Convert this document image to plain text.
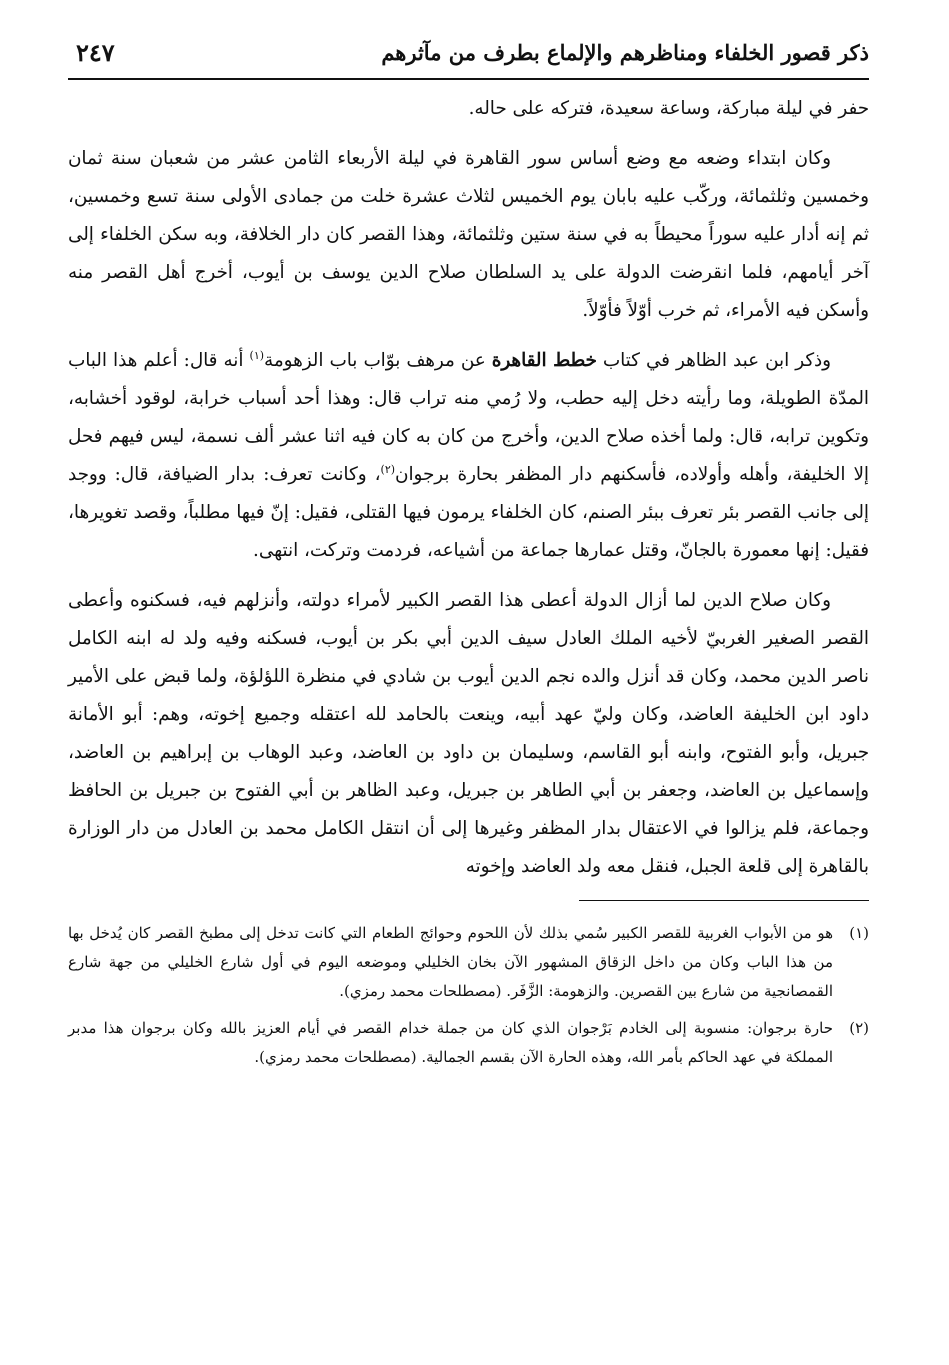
ذكر قصور الخلفاء ومناظرهم والإلماع بطرف من مآثرهم
٢٤٧

حفر في ليلة مباركة، وساعة سعيدة، فتركه على حاله.

وكان ابتداء وضعه مع وضع أساس سور القاهرة في ليلة الأربعاء الثامن عشر من شعبان سنة ثمان وخمسين وثلثمائة، وركّب عليه بابان يوم الخميس لثلاث عشرة خلت من جمادى الأولى سنة تسع وخمسين، ثم إنه أدار عليه سوراً محيطاً به في سنة ستين وثلثمائة، وهذا القصر كان دار الخلافة، وبه سكن الخلفاء إلى آخر أيامهم، فلما انقرضت الدولة على يد السلطان صلاح الدين يوسف بن أيوب، أخرج أهل القصر منه وأسكن فيه الأمراء، ثم خرب أوّلاً فأوّلاً.

وذكر ابن عبد الظاهر في كتاب خطط القاهرة عن مرهف بوّاب باب الزهومة$^{(١)}$ أنه قال: أعلم هذا الباب المدّة الطويلة، وما رأيته دخل إليه حطب، ولا رُمي منه تراب قال: وهذا أحد أسباب خرابة، لوقود أخشابه، وتكوين ترابه، قال: ولما أخذه صلاح الدين، وأخرج من كان به كان فيه اثنا عشر ألف نسمة، ليس فيهم فحل إلا الخليفة، وأهله وأولاده، فأسكنهم دار المظفر بحارة برجوان$^{(٢)}$، وكانت تعرف: بدار الضيافة، قال: ووجد إلى جانب القصر بئر تعرف ببئر الصنم، كان الخلفاء يرمون فيها القتلى، فقيل: إنّ فيها مطلباً، وقصد تغويرها، فقيل: إنها معمورة بالجانّ، وقتل عمارها جماعة من أشياعه، فردمت وتركت، انتهى.

وكان صلاح الدين لما أزال الدولة أعطى هذا القصر الكبير لأمراء دولته، وأنزلهم فيه، فسكنوه وأعطى القصر الصغير الغربيّ لأخيه الملك العادل سيف الدين أبي بكر بن أيوب، فسكنه وفيه ولد له ابنه الكامل ناصر الدين محمد، وكان قد أنزل والده نجم الدين أيوب بن شادي في منظرة اللؤلؤة، ولما قبض على الأمير داود ابن الخليفة العاضد، وكان وليّ عهد أبيه، وينعت بالحامد لله اعتقله وجميع إخوته، وهم: أبو الأمانة جبريل، وأبو الفتوح، وابنه أبو القاسم، وسليمان بن داود بن العاضد، وعبد الوهاب بن إبراهيم بن العاضد، وإسماعيل بن العاضد، وجعفر بن أبي الطاهر بن جبريل، وعبد الظاهر بن أبي الفتوح بن جبريل بن الحافظ وجماعة، فلم يزالوا في الاعتقال بدار المظفر وغيرها إلى أن انتقل الكامل محمد بن العادل من دار الوزارة بالقاهرة إلى قلعة الجبل، فنقل معه ولد العاضد وإخوته

(١)
هو من الأبواب الغربية للقصر الكبير سُمي بذلك لأن اللحوم وحوائج الطعام التي كانت تدخل إلى مطبخ القصر كان يُدخل بها من هذا الباب وكان من داخل الزقاق المشهور الآن بخان الخليلي وموضعه اليوم في أول شارع الخليلي من جهة شارع القمصانجية من شارع بين القصرين. والزهومة: الزَّفَر. (مصطلحات محمد رمزي).
(٢)
حارة برجوان: منسوبة إلى الخادم بَرْجوان الذي كان من جملة خدام القصر في أيام العزيز بالله وكان برجوان هذا مدبر المملكة في عهد الحاكم بأمر الله، وهذه الحارة الآن بقسم الجمالية. (مصطلحات محمد رمزي).
